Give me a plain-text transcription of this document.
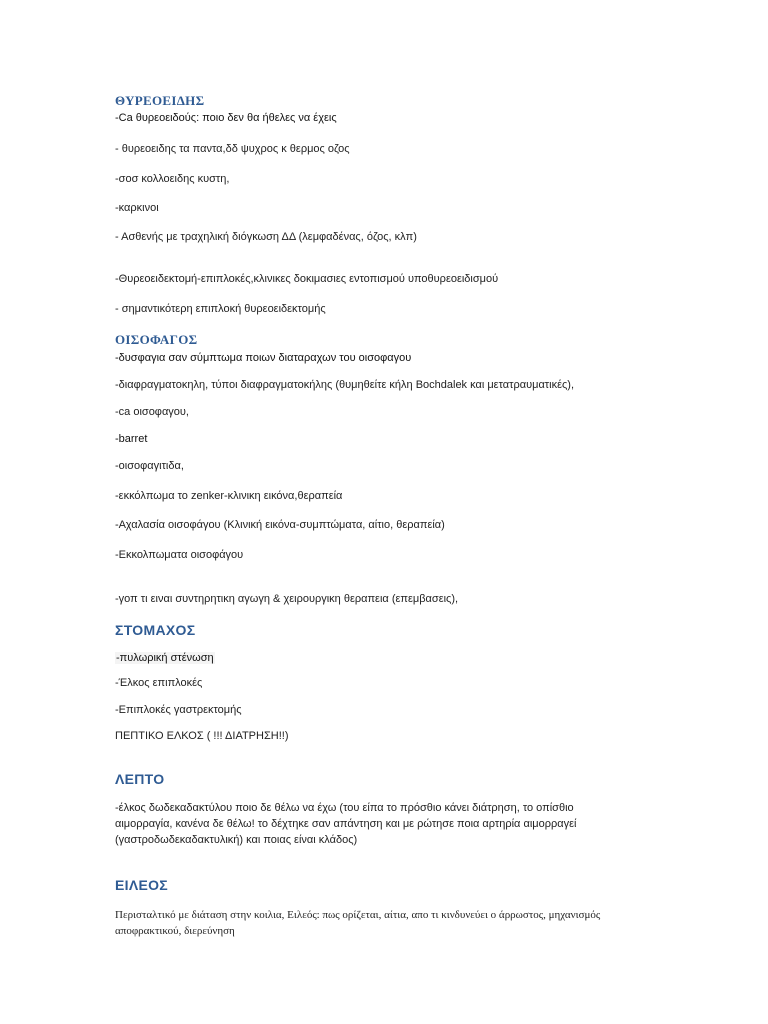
ΘΥΡΕΟΕΙΔΗΣ
-Ca θυρεοειδούς: ποιο δεν θα ήθελες να έχεις
- θυρεοειδης τα παντα,δδ ψυχρος κ θερμος οζος
-σοσ κολλοειδης κυστη,
-καρκινοι
- Ασθενής με τραχηλική διόγκωση ΔΔ (λεμφαδένας, όζος, κλπ)
-Θυρεοειδεκτομή-επιπλοκές,κλινικες δοκιμασιες εντοπισμού υποθυρεοειδισμού
- σημαντικότερη επιπλοκή θυρεοειδεκτομής
ΟΙΣΟΦΑΓΟΣ
-δυσφαγια σαν σύμπτωμα ποιων διαταραχων του οισοφαγου
-διαφραγματοκηλη, τύποι διαφραγματοκήλης (θυμηθείτε κήλη Bochdalek και μετατραυματικές),
-ca οισοφαγου,
-barret
-οισοφαγιτιδα,
-εκκόλπωμα το zenker-κλινικη εικόνα,θεραπεία
-Αχαλασία οισοφάγου (Κλινική εικόνα-συμπτώματα, αίτιο, θεραπεία)
-Εκκολπωματα οισοφάγου
-γοπ τι ειναι συντηρητικη αγωγη & χειρουργικη θεραπεια (επεμβασεις),
ΣΤΟΜΑΧΟΣ
-πυλωρική στένωση
-Έλκος επιπλοκές
-Επιπλοκές γαστρεκτομής
ΠΕΠΤΙΚΟ ΕΛΚΟΣ ( !!! ΔΙΑΤΡΗΣΗ!!)
ΛΕΠΤΟ
-έλκος δωδεκαδακτύλου ποιο δε θέλω να έχω (του είπα το πρόσθιο κάνει διάτρηση, το οπίσθιο
αιμορραγία, κανένα δε θέλω! το δέχτηκε σαν απάντηση και με ρώτησε ποια αρτηρία αιμορραγεί
(γαστροδωδεκαδακτυλική) και ποιας είναι κλάδος)
ΕΙΛΕΟΣ
Περισταλτικό με διάταση στην κοιλια, Ειλεός: πως ορίζεται, αίτια, απο τι κινδυνεύει ο άρρωστος, μηχανισμός
αποφρακτικού, διερεύνηση
